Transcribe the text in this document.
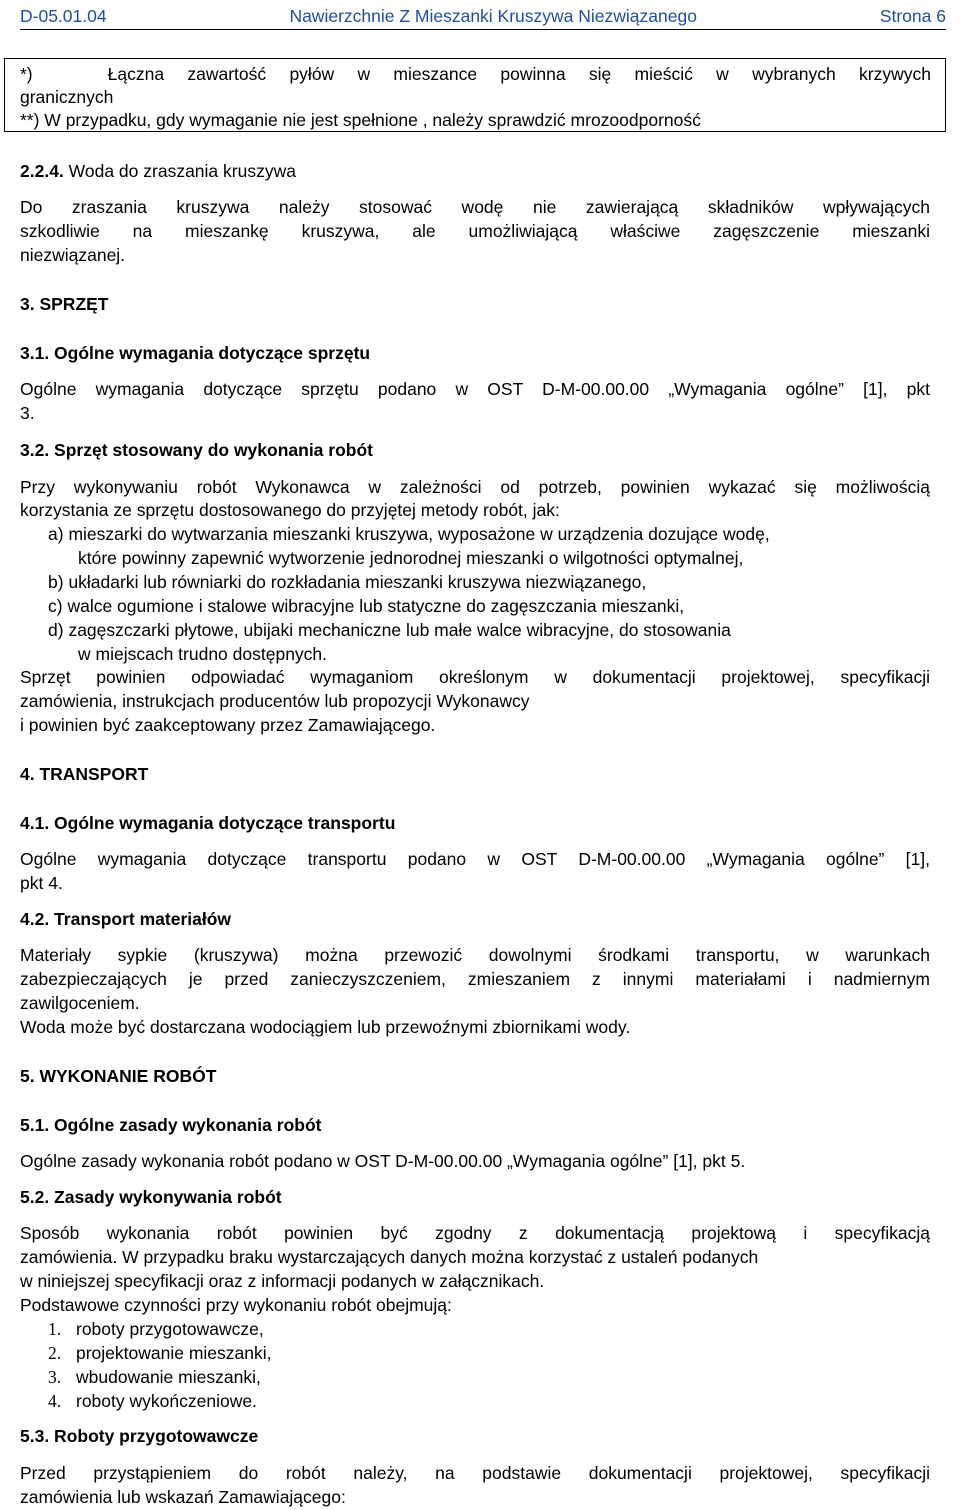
D-05.01.04	Nawierzchnie Z Mieszanki Kruszywa Niezwiązanego	Strona 6
*)	Łączna zawartość pyłów w mieszance powinna się mieścić w wybranych krzywych
granicznych
**) W przypadku, gdy wymaganie nie jest spełnione , należy sprawdzić mrozoodporność
2.2.4. Woda do zraszania kruszywa
Do zraszania kruszywa należy stosować wodę nie zawierającą składników wpływających
szkodliwie na mieszankę kruszywa, ale umożliwiającą właściwe zagęszczenie mieszanki
niezwiązanej.
3. SPRZĘT
3.1. Ogólne wymagania dotyczące sprzętu
Ogólne wymagania dotyczące sprzętu podano w OST D-M-00.00.00 „Wymagania ogólne” [1], pkt
3.
3.2. Sprzęt stosowany do wykonania robót
Przy wykonywaniu robót Wykonawca w zależności od potrzeb, powinien wykazać się możliwością
korzystania ze sprzętu dostosowanego do przyjętej metody robót, jak:
a) mieszarki do wytwarzania mieszanki kruszywa, wyposażone w urządzenia dozujące wodę,
które powinny zapewnić wytworzenie jednorodnej mieszanki o wilgotności optymalnej,
b) układarki lub równiarki do rozkładania mieszanki kruszywa niezwiązanego,
c) walce ogumione i stalowe wibracyjne lub statyczne do zagęszczania mieszanki,
d) zagęszczarki płytowe, ubijaki mechaniczne lub małe walce wibracyjne, do stosowania
w miejscach trudno dostępnych.
Sprzęt powinien odpowiadać wymaganiom określonym w dokumentacji projektowej, specyfikacji
zamówienia, instrukcjach producentów lub propozycji Wykonawcy
i powinien być zaakceptowany przez Zamawiającego.
4. TRANSPORT
4.1. Ogólne wymagania dotyczące transportu
Ogólne wymagania dotyczące transportu podano w OST D-M-00.00.00 „Wymagania ogólne” [1],
pkt 4.
4.2. Transport materiałów
Materiały sypkie (kruszywa) można przewozić dowolnymi środkami transportu, w warunkach
zabezpieczających je przed zanieczyszczeniem, zmieszaniem z innymi materiałami i nadmiernym
zawilgoceniem.
Woda może być dostarczana wodociągiem lub przewoźnymi zbiornikami wody.
5. WYKONANIE ROBÓT
5.1. Ogólne zasady wykonania robót
Ogólne zasady wykonania robót podano w OST D-M-00.00.00 „Wymagania ogólne” [1], pkt 5.
5.2. Zasady wykonywania robót
Sposób wykonania robót powinien być zgodny z dokumentacją projektową i specyfikacją
zamówienia. W przypadku braku wystarczających danych można korzystać z ustaleń podanych
w niniejszej specyfikacji oraz z informacji podanych w załącznikach.
Podstawowe czynności przy wykonaniu robót obejmują:
1. roboty przygotowawcze,
2. projektowanie mieszanki,
3. wbudowanie mieszanki,
4. roboty wykończeniowe.
5.3. Roboty przygotowawcze
Przed przystąpieniem do robót należy, na podstawie dokumentacji projektowej, specyfikacji
zamówienia lub wskazań Zamawiającego:
